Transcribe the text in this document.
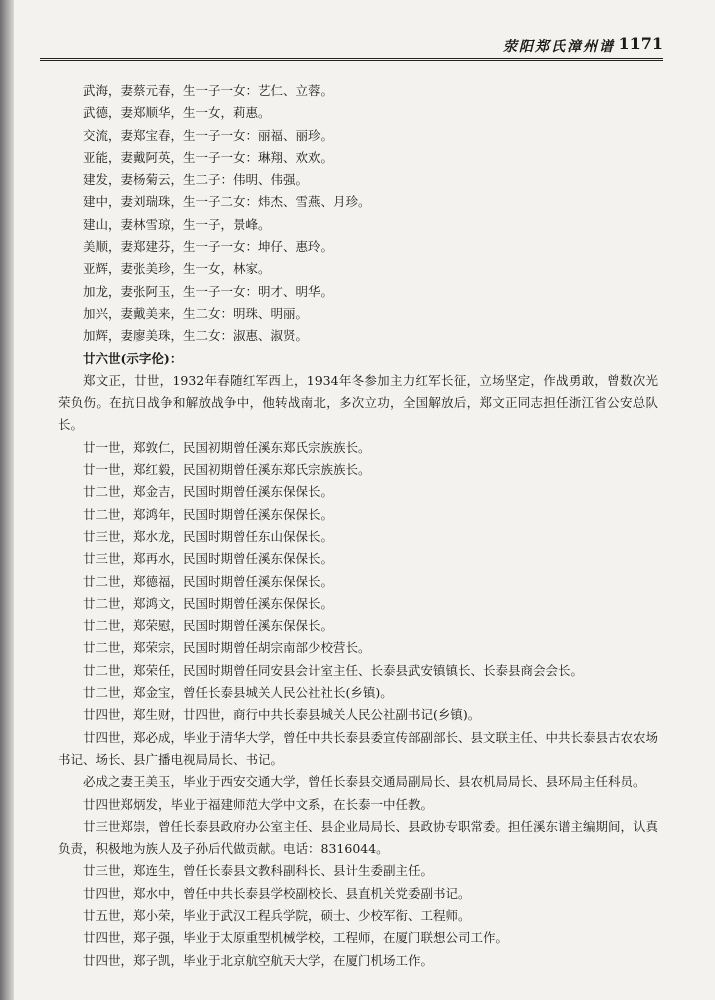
荥阳郑氏漳州谱 1171
武海，妻蔡元春，生一子一女：艺仁、立蓉。
武德，妻郑顺华，生一女，莉惠。
交流，妻郑宝春，生一子一女：丽福、丽珍。
亚能，妻戴阿英，生一子一女：琳翔、欢欢。
建发，妻杨菊云，生二子：伟明、伟强。
建中，妻刘瑞珠，生一子二女：炜杰、雪燕、月珍。
建山，妻林雪琼，生一子，景峰。
美顺，妻郑建芬，生一子一女：坤仔、惠玲。
亚辉，妻张美珍，生一女，林家。
加龙，妻张阿玉，生一子一女：明才、明华。
加兴，妻戴美来，生二女：明珠、明丽。
加辉，妻廖美珠，生二女：淑惠、淑贤。
廿六世(示字伦)：
郑文正，廿世，1932年春随红军西上，1934年冬参加主力红军长征，立场坚定，作战勇敢，曾数次光荣负伤。在抗日战争和解放战争中，他转战南北，多次立功，全国解放后，郑文正同志担任浙江省公安总队长。
廿一世，郑敦仁，民国初期曾任溪东郑氏宗族族长。
廿一世，郑红毅，民国初期曾任溪东郑氏宗族族长。
廿二世，郑金吉，民国时期曾任溪东保保长。
廿二世，郑鸿年，民国时期曾任溪东保保长。
廿三世，郑水龙，民国时期曾任东山保保长。
廿三世，郑再水，民国时期曾任溪东保保长。
廿二世，郑德福，民国时期曾任溪东保保长。
廿二世，郑鸿文，民国时期曾任溪东保保长。
廿二世，郑荣慰，民国时期曾任溪东保保长。
廿二世，郑荣宗，民国时期曾任胡宗南部少校营长。
廿二世，郑荣任，民国时期曾任同安县会计室主任、长泰县武安镇镇长、长泰县商会会长。
廿二世，郑金宝，曾任长泰县城关人民公社社长(乡镇)。
廿四世，郑生财，廿四世，商行中共长泰县城关人民公社副书记(乡镇)。
廿四世，郑必成，毕业于清华大学，曾任中共长泰县委宣传部副部长、县文联主任、中共长泰县古农农场书记、场长、县广播电视局局长、书记。
必成之妻王美玉，毕业于西安交通大学，曾任长泰县交通局副局长、县农机局局长、县环局主任科员。
廿四世郑炳发，毕业于福建师范大学中文系，在长泰一中任教。
廿三世郑崇，曾任长泰县政府办公室主任、县企业局局长、县政协专职常委。担任溪东谱主编期间，认真负责，积极地为族人及子孙后代做贡献。电话：8316044。
廿三世，郑连生，曾任长泰县文教科副科长、县计生委副主任。
廿四世，郑水中，曾任中共长泰县学校副校长、县直机关党委副书记。
廿五世，郑小荣，毕业于武汉工程兵学院，硕士、少校军衔、工程师。
廿四世，郑子强，毕业于太原重型机械学校，工程师，在厦门联想公司工作。
廿四世，郑子凯，毕业于北京航空航天大学，在厦门机场工作。
